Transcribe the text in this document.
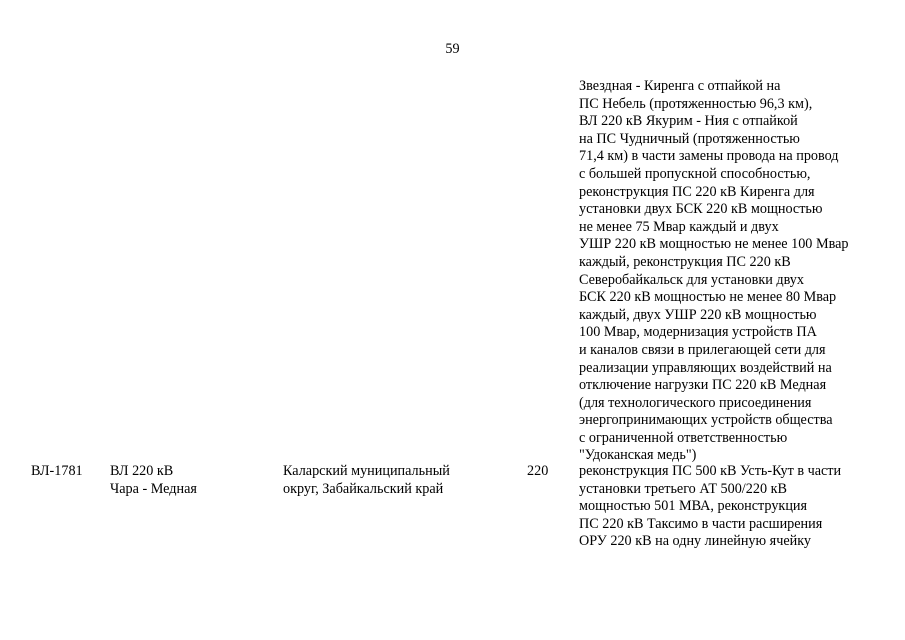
59
Звездная - Киренга с отпайкой на
ПС Небель (протяженностью 96,3 км),
ВЛ 220 кВ Якурим - Ния с отпайкой
на ПС Чудничный (протяженностью
71,4 км) в части замены провода на провод
с большей пропускной способностью,
реконструкция ПС 220 кВ Киренга для
установки двух БСК 220 кВ мощностью
не менее 75 Мвар каждый и двух
УШР 220 кВ мощностью не менее 100 Мвар
каждый, реконструкция ПС 220 кВ
Северобайкальск для установки двух
БСК 220 кВ мощностью не менее 80 Мвар
каждый, двух УШР 220 кВ мощностью
100 Мвар, модернизация устройств ПА
и каналов связи в прилегающей сети для
реализации управляющих воздействий на
отключение нагрузки ПС 220 кВ Медная
(для технологического присоединения
энергопринимающих устройств общества
с ограниченной ответственностью
"Удоканская медь")
ВЛ-1781 ВЛ 220 кВ
Чара - Медная
Каларский муниципальный
округ, Забайкальский край
220 реконструкция ПС 500 кВ Усть-Кут в части
установки третьего АТ 500/220 кВ
мощностью 501 МВА, реконструкция
ПС 220 кВ Таксимо в части расширения
ОРУ 220 кВ на одну линейную ячейку
